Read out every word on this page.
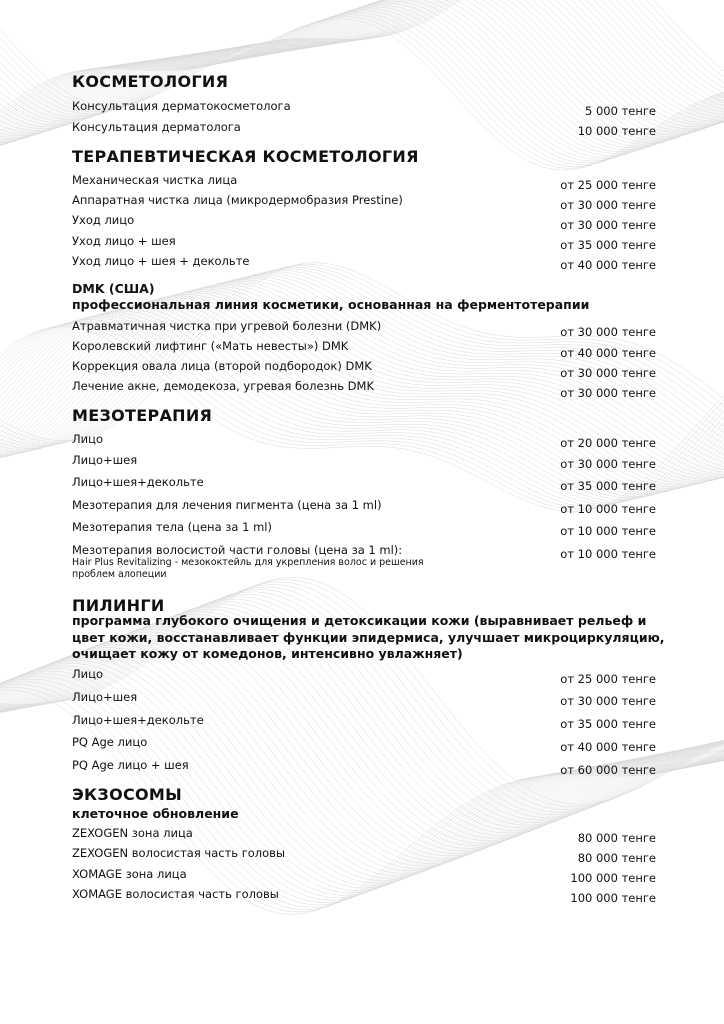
КОСМЕТОЛОГИЯ
Консультация дерматокосметолога	5 000 тенге
Консультация дерматолога	10 000 тенге
ТЕРАПЕВТИЧЕСКАЯ КОСМЕТОЛОГИЯ
Механическая чистка лица	от 25 000 тенге
Аппаратная чистка лица (микродермобразия Prestine)	от 30 000 тенге
Уход лицо	от 30 000 тенге
Уход лицо + шея	от 35 000 тенге
Уход лицо + шея + декольте	от 40 000 тенге
DMK (США)
профессиональная линия косметики, основанная на ферментотерапии
Атравматичная чистка при угревой болезни (DMK)	от 30 000 тенге
Королевский лифтинг («Мать невесты») DMK	от 40 000 тенге
Коррекция овала лица (второй подбородок) DMK	от 30 000 тенге
Лечение акне, демодекоза, угревая болезнь DMK	от 30 000 тенге
МЕЗОТЕРАПИЯ
Лицо	от 20 000 тенге
Лицо+шея	от 30 000 тенге
Лицо+шея+декольте	от 35 000 тенге
Мезотерапия для лечения пигмента (цена за 1 ml)	от 10 000 тенге
Мезотерапия тела (цена за 1 ml)	от 10 000 тенге
Мезотерапия волосистой части головы (цена за 1 ml):	от 10 000 тенге
Hair Plus Revitalizing - мезококтейль для укрепления волос и решения проблем алопеции
ПИЛИНГИ
программа глубокого очищения и детоксикации кожи (выравнивает рельеф и цвет кожи, восстанавливает функции эпидермиса, улучшает микроциркуляцию, очищает кожу от комедонов, интенсивно увлажняет)
Лицо	от 25 000 тенге
Лицо+шея	от 30 000 тенге
Лицо+шея+декольте	от 35 000 тенге
PQ Age лицо	от 40 000 тенге
PQ Age лицо + шея	от 60 000 тенге
ЭКЗОСОМЫ
клеточное обновление
ZEXOGEN зона лица	80 000 тенге
ZEXOGEN волосистая часть головы	80 000 тенге
XOMAGE зона лица	100 000 тенге
XOMAGE волосистая часть головы	100 000 тенге
